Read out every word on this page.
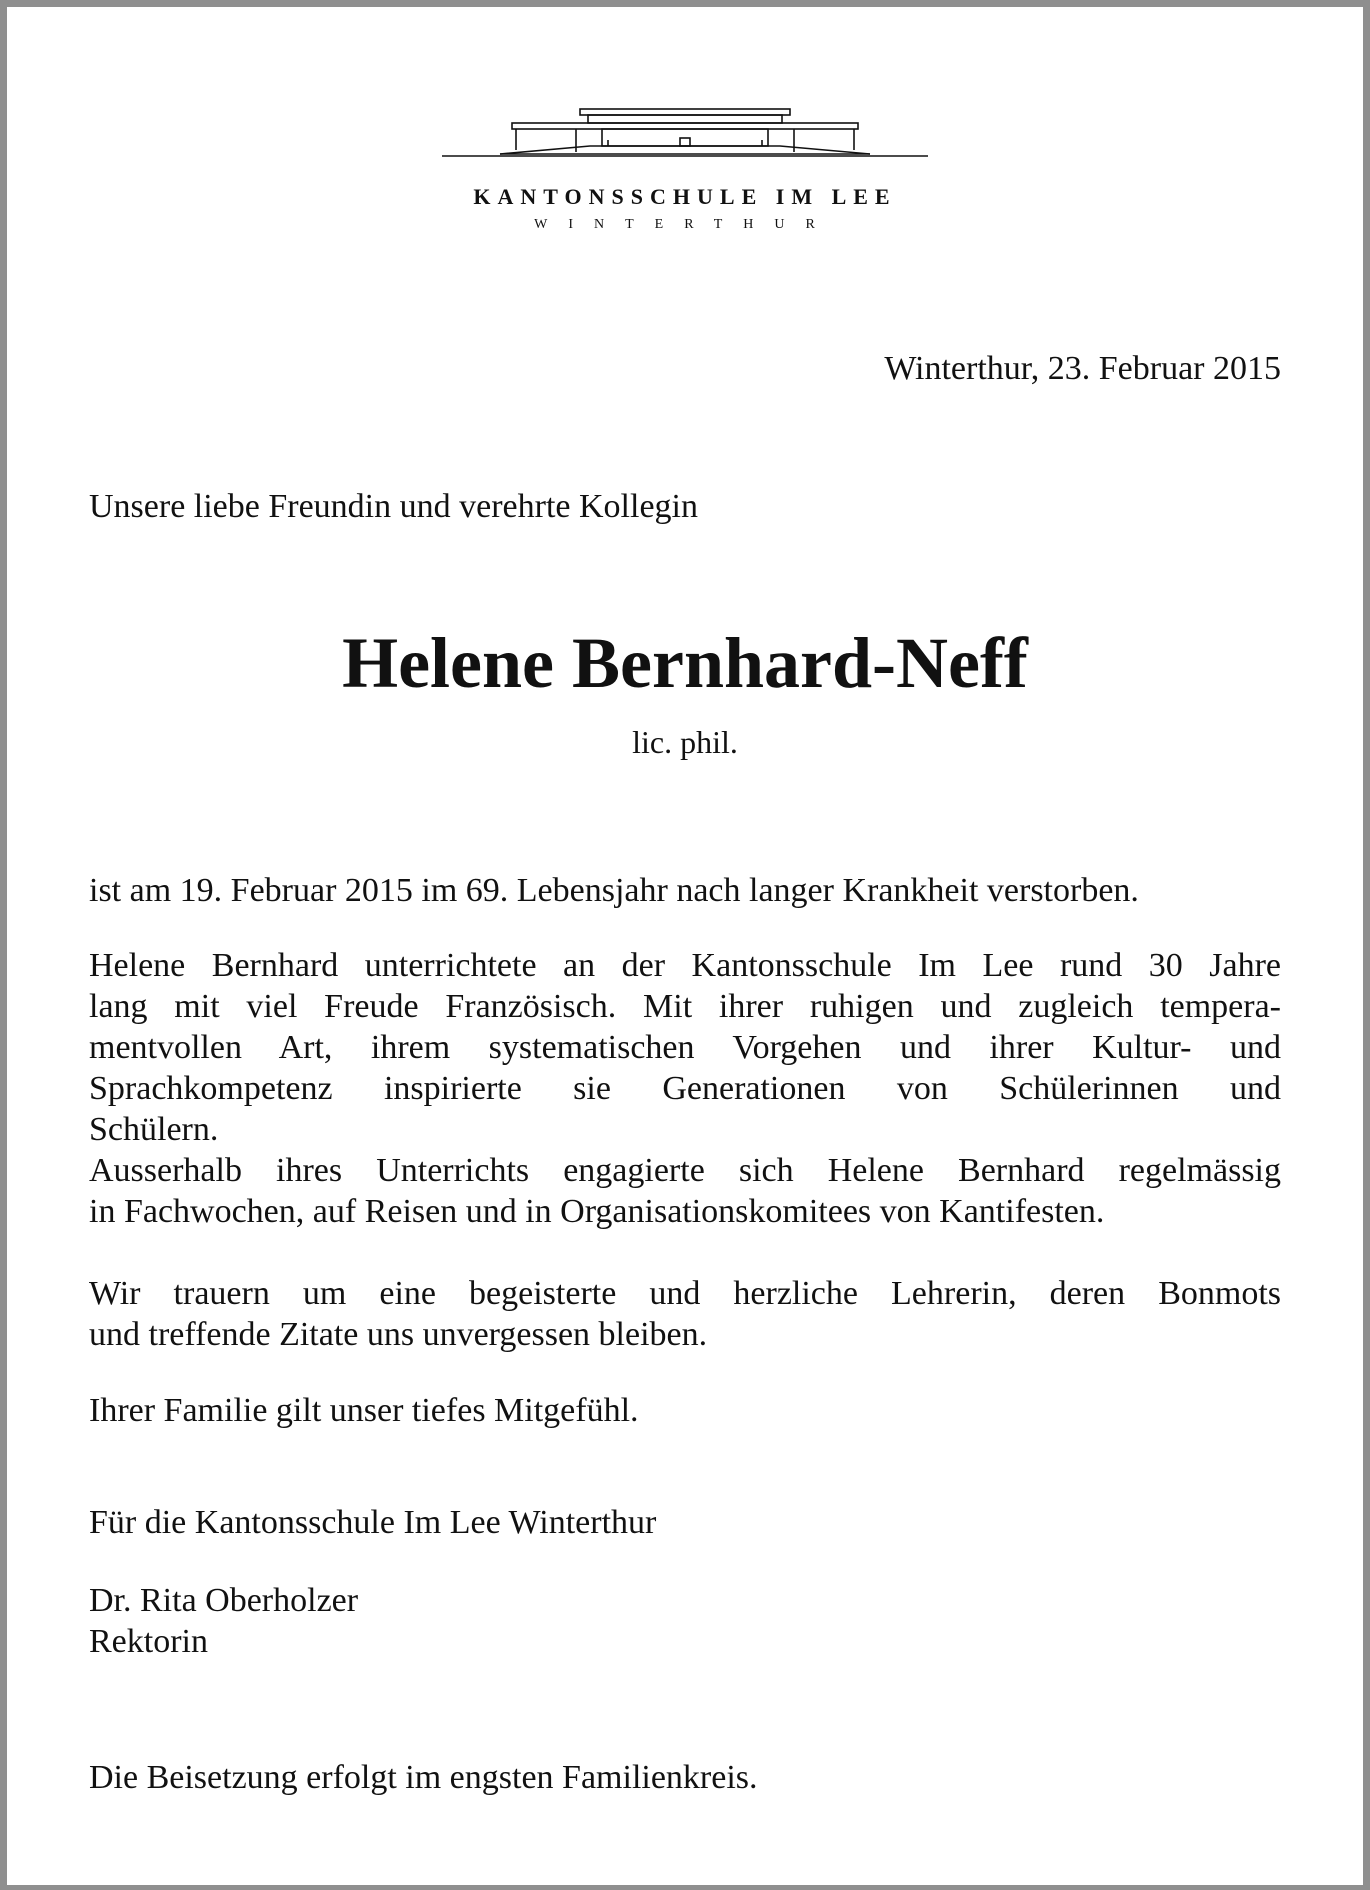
KANTONSSCHULE IM LEE
WINTERTHUR
Winterthur, 23. Februar 2015
Unsere liebe Freundin und verehrte Kollegin
Helene Bernhard-Neff
lic. phil.
ist am 19. Februar 2015 im 69. Lebensjahr nach langer Krankheit verstorben.
Helene Bernhard unterrichtete an der Kantonsschule Im Lee rund 30 Jahre
lang mit viel Freude Französisch. Mit ihrer ruhigen und zugleich tempera-
mentvollen Art, ihrem systematischen Vorgehen und ihrer Kultur- und
Sprachkompetenz inspirierte sie Generationen von Schülerinnen und
Schülern.
Ausserhalb ihres Unterrichts engagierte sich Helene Bernhard regelmässig
in Fachwochen, auf Reisen und in Organisationskomitees von Kantifesten.
Wir trauern um eine begeisterte und herzliche Lehrerin, deren Bonmots
und treffende Zitate uns unvergessen bleiben.
Ihrer Familie gilt unser tiefes Mitgefühl.
Für die Kantonsschule Im Lee Winterthur
Dr. Rita Oberholzer
Rektorin
Die Beisetzung erfolgt im engsten Familienkreis.
